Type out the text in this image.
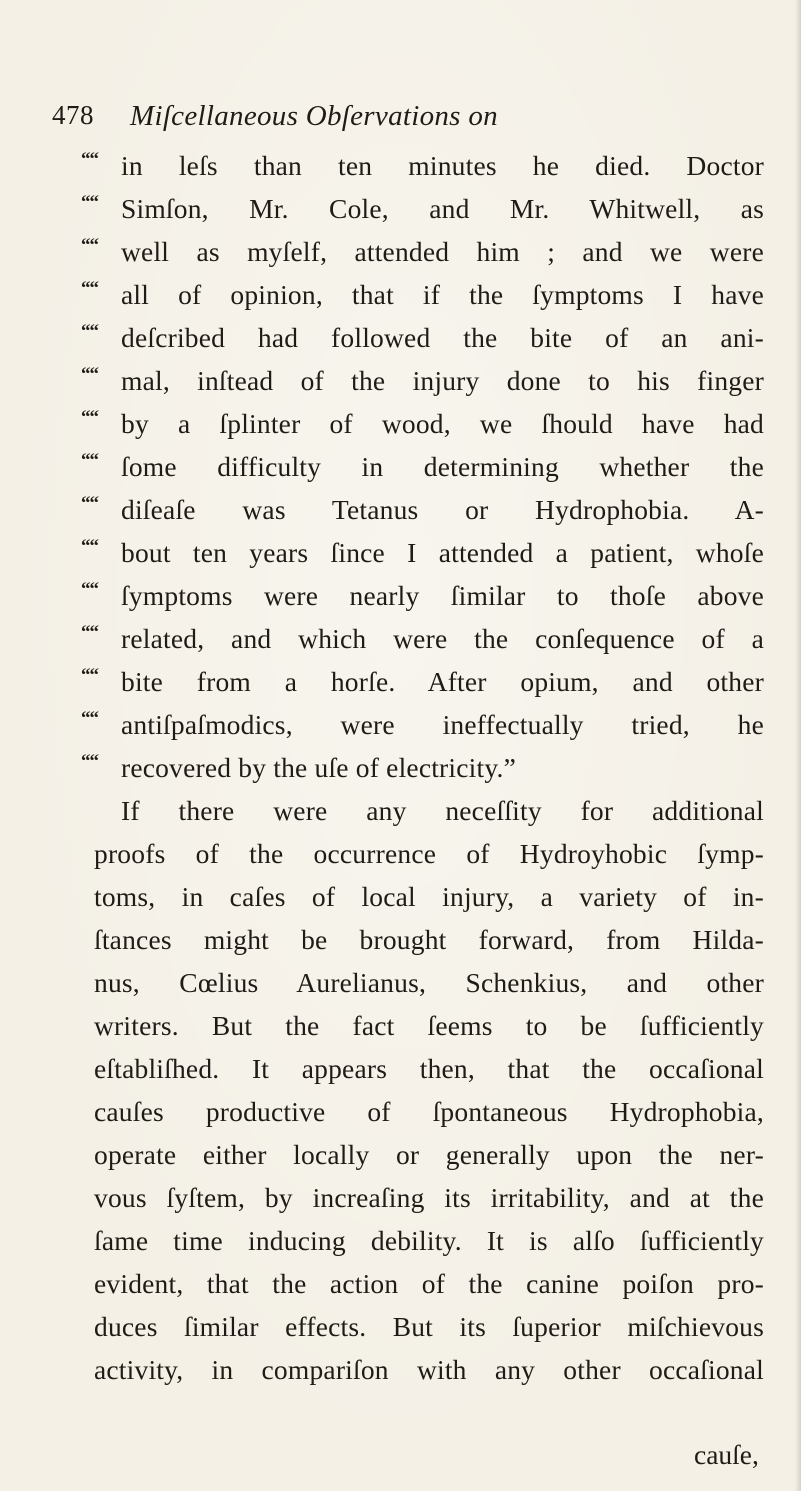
478 Miſcellaneous Obſervations on
““ in leſs than ten minutes he died. Doctor
““ Simſon, Mr. Cole, and Mr. Whitwell, as
““ well as myſelf, attended him ; and we were
““ all of opinion, that if the ſymptoms I have
““ deſcribed had followed the bite of an ani-
““ mal, inſtead of the injury done to his finger
““ by a ſplinter of wood, we ſhould have had
““ ſome difficulty in determining whether the
““ diſeaſe was Tetanus or Hydrophobia. A-
““ bout ten years ſince I attended a patient, whoſe
““ ſymptoms were nearly ſimilar to thoſe above
““ related, and which were the conſequence of a
““ bite from a horſe. After opium, and other
““ antiſpaſmodics, were ineffectually tried, he
““ recovered by the uſe of electricity.”
If there were any neceſſity for additional
proofs of the occurrence of Hydroyhobic ſymp-
toms, in caſes of local injury, a variety of in-
ſtances might be brought forward, from Hilda-
nus, Cœlius Aurelianus, Schenkius, and other
writers. But the fact ſeems to be ſufficiently
eſtabliſhed. It appears then, that the occaſional
cauſes productive of ſpontaneous Hydrophobia,
operate either locally or generally upon the ner-
vous ſyſtem, by increaſing its irritability, and at the
ſame time inducing debility. It is alſo ſufficiently
evident, that the action of the canine poiſon pro-
duces ſimilar effects. But its ſuperior miſchievous
activity, in compariſon with any other occaſional
cauſe,
